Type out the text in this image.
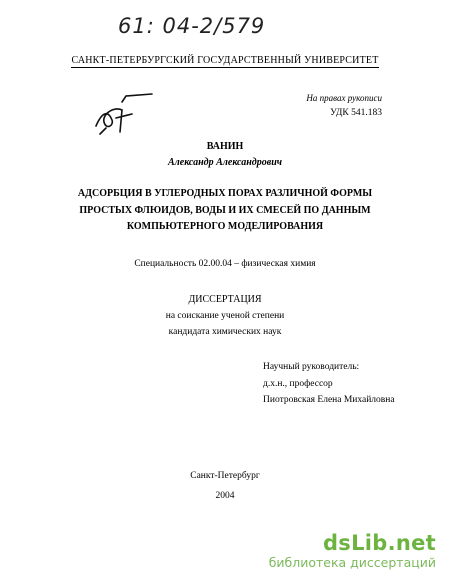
61: 04-2/579
САНКТ-ПЕТЕРБУРГСКИЙ ГОСУДАРСТВЕННЫЙ УНИВЕРСИТЕТ
На правах рукописи
УДК 541.183
ВАНИН
Александр Александрович
АДСОРБЦИЯ В УГЛЕРОДНЫХ ПОРАХ РАЗЛИЧНОЙ ФОРМЫ
ПРОСТЫХ ФЛЮИДОВ, ВОДЫ И ИХ СМЕСЕЙ ПО ДАННЫМ
КОМПЬЮТЕРНОГО МОДЕЛИРОВАНИЯ
Специальность 02.00.04 – физическая химия
ДИССЕРТАЦИЯ
на соискание ученой степени
кандидата химических наук
Научный руководитель:
д.х.н., профессор
Пиотровская Елена Михайловна
Санкт-Петербург
2004
dsLib.net
библиотека диссертаций
